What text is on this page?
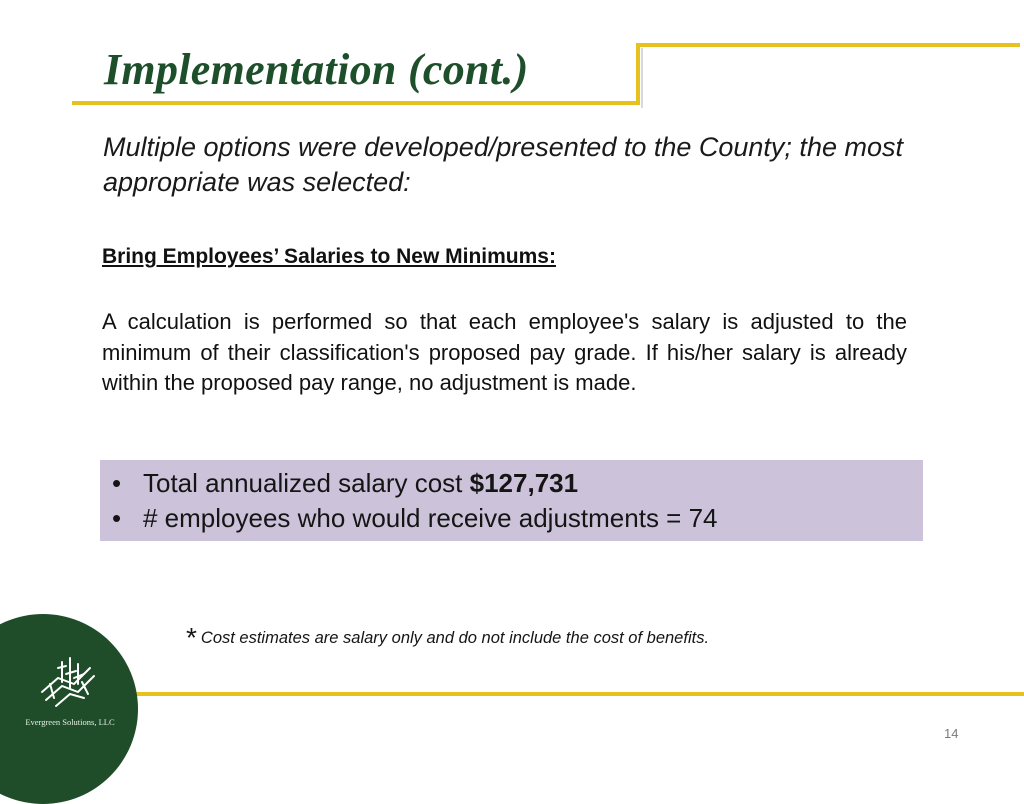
Implementation (cont.)
Multiple options were developed/presented to the County; the most appropriate was selected:
Bring Employees’ Salaries to New Minimums:
A calculation is performed so that each employee's salary is adjusted to the minimum of their classification's proposed pay grade. If his/her salary is already within the proposed pay range, no adjustment is made.
• Total annualized salary cost $127,731
• # employees who would receive adjustments = 74
* Cost estimates are salary only and do not include the cost of benefits.
Evergreen Solutions, LLC
14
